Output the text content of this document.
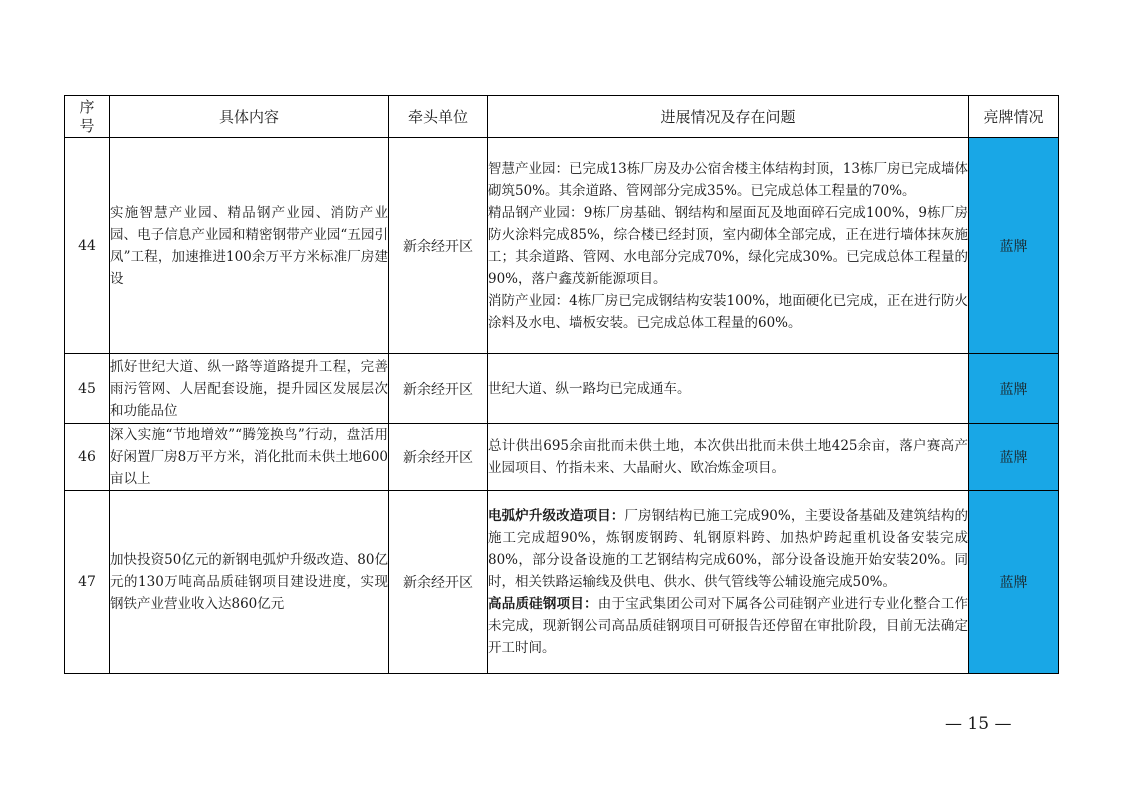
序
号	具体内容	牵头单位	进展情况及存在问题	亮牌情况
44	实施智慧产业园、精品钢产业园、消防产业园、电子信息产业园和精密钢带产业园“五园引凤”工程，加速推进100余万平方米标准厂房建设	新余经开区	智慧产业园：已完成13栋厂房及办公宿舍楼主体结构封顶，13栋厂房已完成墙体砌筑50%。其余道路、管网部分完成35%。已完成总体工程量的70%。
精品钢产业园：9栋厂房基础、钢结构和屋面瓦及地面碎石完成100%，9栋厂房防火涂料完成85%，综合楼已经封顶，室内砌体全部完成，正在进行墙体抹灰施工；其余道路、管网、水电部分完成70%，绿化完成30%。已完成总体工程量的90%，落户鑫茂新能源项目。
消防产业园：4栋厂房已完成钢结构安装100%，地面硬化已完成，正在进行防火涂料及水电、墙板安装。已完成总体工程量的60%。	蓝牌
45	抓好世纪大道、纵一路等道路提升工程，完善雨污管网、人居配套设施，提升园区发展层次和功能品位	新余经开区	世纪大道、纵一路均已完成通车。	蓝牌
46	深入实施“节地增效”“腾笼换鸟”行动，盘活用好闲置厂房8万平方米，消化批而未供土地600亩以上	新余经开区	总计供出695余亩批而未供土地，本次供出批而未供土地425余亩，落户赛高产业园项目、竹指未来、大晶耐火、欧冶炼金项目。	蓝牌
47	加快投资50亿元的新钢电弧炉升级改造、80亿元的130万吨高品质硅钢项目建设进度，实现钢铁产业营业收入达860亿元	新余经开区	电弧炉升级改造项目：厂房钢结构已施工完成90%，主要设备基础及建筑结构的施工完成超90%，炼钢废钢跨、轧钢原料跨、加热炉跨起重机设备安装完成80%，部分设备设施的工艺钢结构完成60%，部分设备设施开始安装20%。同时，相关铁路运输线及供电、供水、供气管线等公辅设施完成50%。
高品质硅钢项目：由于宝武集团公司对下属各公司硅钢产业进行专业化整合工作未完成，现新钢公司高品质硅钢项目可研报告还停留在审批阶段，目前无法确定开工时间。	蓝牌
— 15 —
